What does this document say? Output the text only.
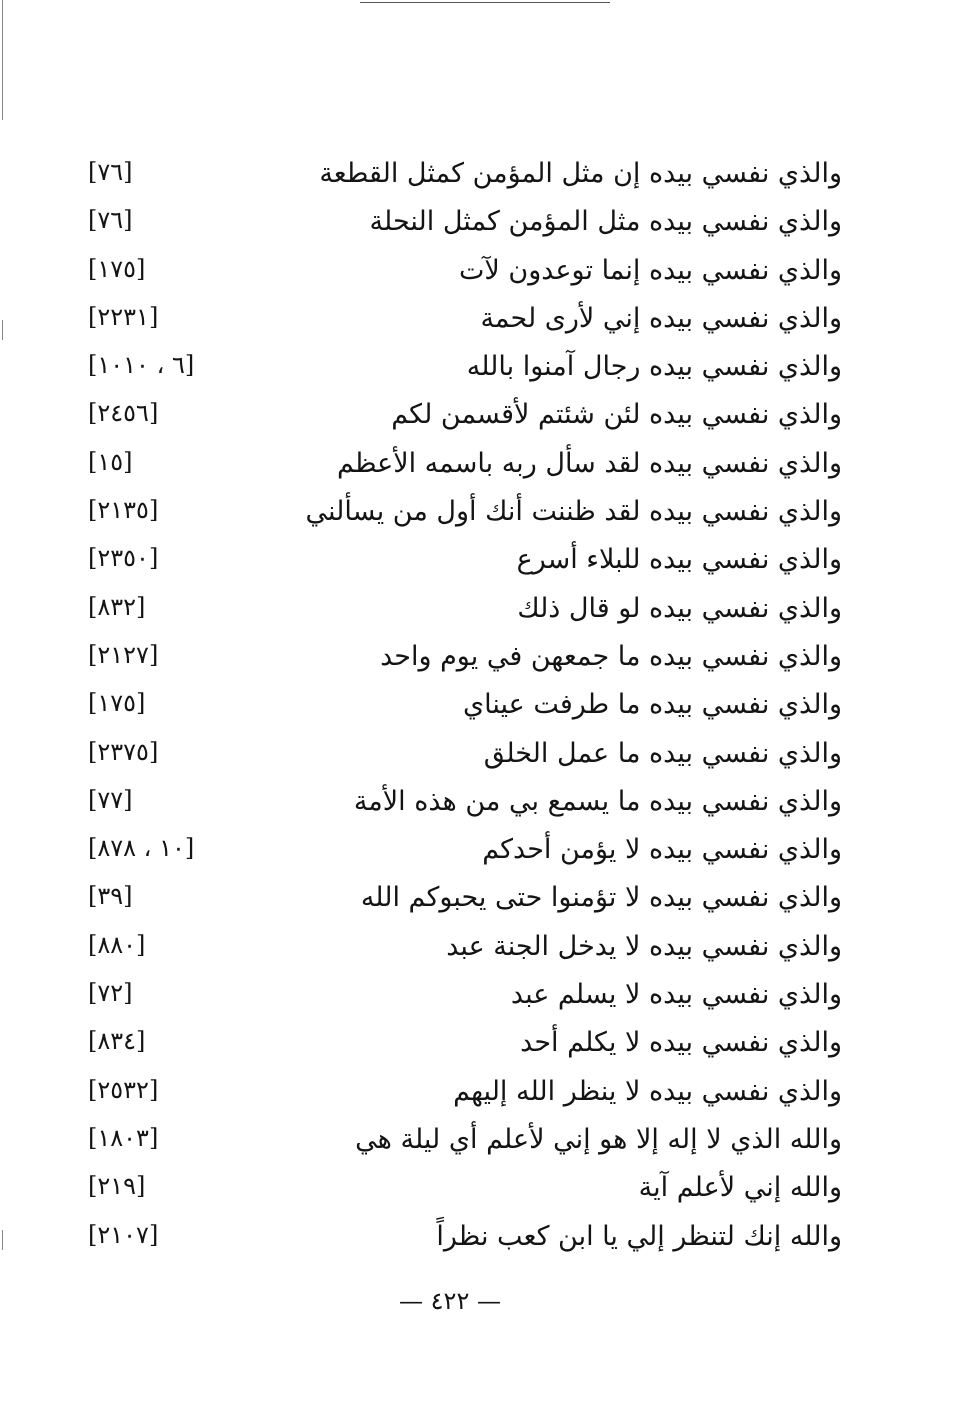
والذي نفسي بيده إن مثل المؤمن كمثل القطعة
[٧٦]
والذي نفسي بيده مثل المؤمن كمثل النحلة
[٧٦]
والذي نفسي بيده إنما توعدون لآت
[١٧٥]
والذي نفسي بيده إني لأرى لحمة
[٢٢٣١]
والذي نفسي بيده رجال آمنوا بالله
[٦ ، ١٠١٠]
والذي نفسي بيده لئن شئتم لأقسمن لكم
[٢٤٥٦]
والذي نفسي بيده لقد سأل ربه باسمه الأعظم
[١٥]
والذي نفسي بيده لقد ظننت أنك أول من يسألني
[٢١٣٥]
والذي نفسي بيده للبلاء أسرع
[٢٣٥٠]
والذي نفسي بيده لو قال ذلك
[٨٣٢]
والذي نفسي بيده ما جمعهن في يوم واحد
[٢١٢٧]
والذي نفسي بيده ما طرفت عيناي
[١٧٥]
والذي نفسي بيده ما عمل الخلق
[٢٣٧٥]
والذي نفسي بيده ما يسمع بي من هذه الأمة
[٧٧]
والذي نفسي بيده لا يؤمن أحدكم
[١٠ ، ٨٧٨]
والذي نفسي بيده لا تؤمنوا حتى يحبوكم الله
[٣٩]
والذي نفسي بيده لا يدخل الجنة عبد
[٨٨٠]
والذي نفسي بيده لا يسلم عبد
[٧٢]
والذي نفسي بيده لا يكلم أحد
[٨٣٤]
والذي نفسي بيده لا ينظر الله إليهم
[٢٥٣٢]
والله الذي لا إله إلا هو إني لأعلم أي ليلة هي
[١٨٠٣]
والله إني لأعلم آية
[٢١٩]
والله إنك لتنظر إلي يا ابن كعب نظراً
[٢١٠٧]
— ٤٢٢ —
